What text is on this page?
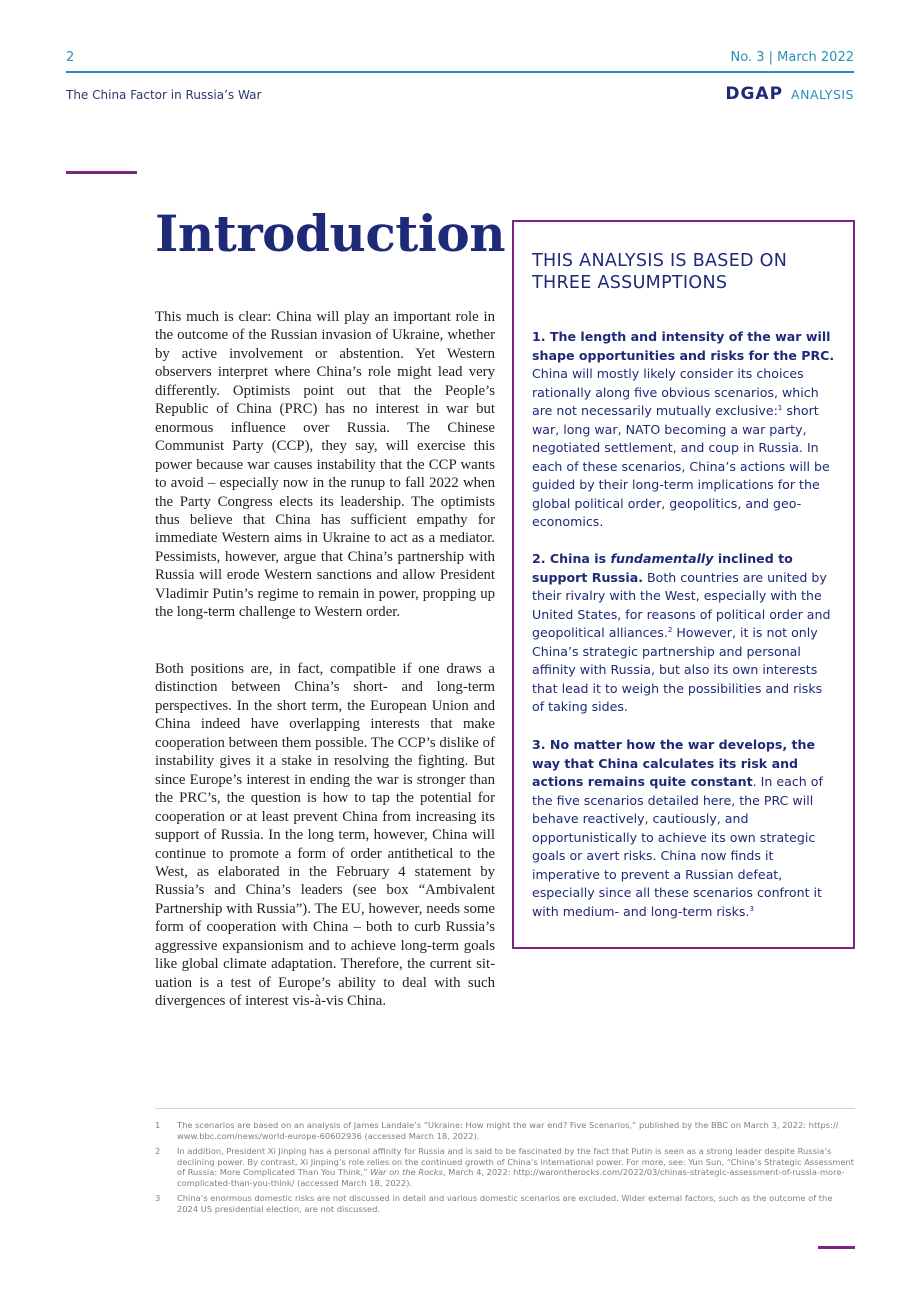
2	No. 3 | March 2022
The China Factor in Russia’s War	DGAP ANALYSIS
Introduction
This much is clear: China will play an important role in the outcome of the Russian invasion of Ukraine, whether by active involvement or abstention. Yet Western observers interpret where China’s role might lead very differently. Optimists point out that the People’s Republic of China (PRC) has no interest in war but enormous influence over Russia. The Chinese Communist Party (CCP), they say, will exercise this power because war causes instability that the CCP wants to avoid – especially now in the runup to fall 2022 when the Party Congress elects its leadership. The optimists thus believe that China has sufficient empathy for immediate Western aims in Ukraine to act as a mediator. Pessimists, however, argue that China’s partnership with Russia will erode Western sanctions and allow President Vladimir Putin’s regime to remain in power, propping up the long-term challenge to Western order.
Both positions are, in fact, compatible if one draws a distinction between China’s short- and long-term perspectives. In the short term, the European Union and China indeed have overlapping interests that make cooperation between them possible. The CCP’s dislike of instability gives it a stake in resolving the fighting. But since Europe’s interest in ending the war is stronger than the PRC’s, the question is how to tap the potential for cooperation or at least prevent China from increasing its support of Russia. In the long term, however, China will continue to promote a form of order antithetical to the West, as elaborated in the February 4 statement by Russia’s and China’s leaders (see box “Ambivalent Partnership with Russia”). The EU, however, needs some form of cooperation with China – both to curb Russia’s aggressive expansionism and to achieve long-term goals like global climate adaptation. Therefore, the current situation is a test of Europe’s ability to deal with such divergences of interest vis-à-vis China.
THIS ANALYSIS IS BASED ON THREE ASSUMPTIONS
1. The length and intensity of the war will shape opportunities and risks for the PRC. China will mostly likely consider its choices rationally along five obvious scenarios, which are not necessarily mutually exclusive:$^1$ short war, long war, NATO becoming a war party, negotiated settlement, and coup in Russia. In each of these scenarios, China’s actions will be guided by their long-term implications for the global political order, geopolitics, and geo-economics.
2. China is fundamentally inclined to support Russia. Both countries are united by their rivalry with the West, especially with the United States, for reasons of political order and geopolitical alliances.$^2$ However, it is not only China’s strategic partnership and personal affinity with Russia, but also its own interests that lead it to weigh the possibilities and risks of taking sides.
3. No matter how the war develops, the way that China calculates its risk and actions remains quite constant. In each of the five scenarios detailed here, the PRC will behave reactively, cautiously, and opportunistically to achieve its own strategic goals or avert risks. China now finds it imperative to prevent a Russian defeat, especially since all these scenarios confront it with medium- and long-term risks.$^3$
1	The scenarios are based on an analysis of James Landale’s “Ukraine: How might the war end? Five Scenarios,” published by the BBC on March 3, 2022: https:// www.bbc.com/news/world-europe-60602936 (accessed March 18, 2022).
2	In addition, President Xi Jinping has a personal affinity for Russia and is said to be fascinated by the fact that Putin is seen as a strong leader despite Russia’s declining power. By contrast, Xi Jinping’s role relies on the continued growth of China’s international power. For more, see: Yun Sun, “China’s Strategic Assessment of Russia: More Complicated Than You Think,” War on the Rocks, March 4, 2022: http://warontherocks.com/2022/03/chinas-strategic-assessment-of-russia-more-complicated-than-you-think/ (accessed March 18, 2022).
3	China’s enormous domestic risks are not discussed in detail and various domestic scenarios are excluded. Wider external factors, such as the outcome of the 2024 US presidential election, are not discussed.
